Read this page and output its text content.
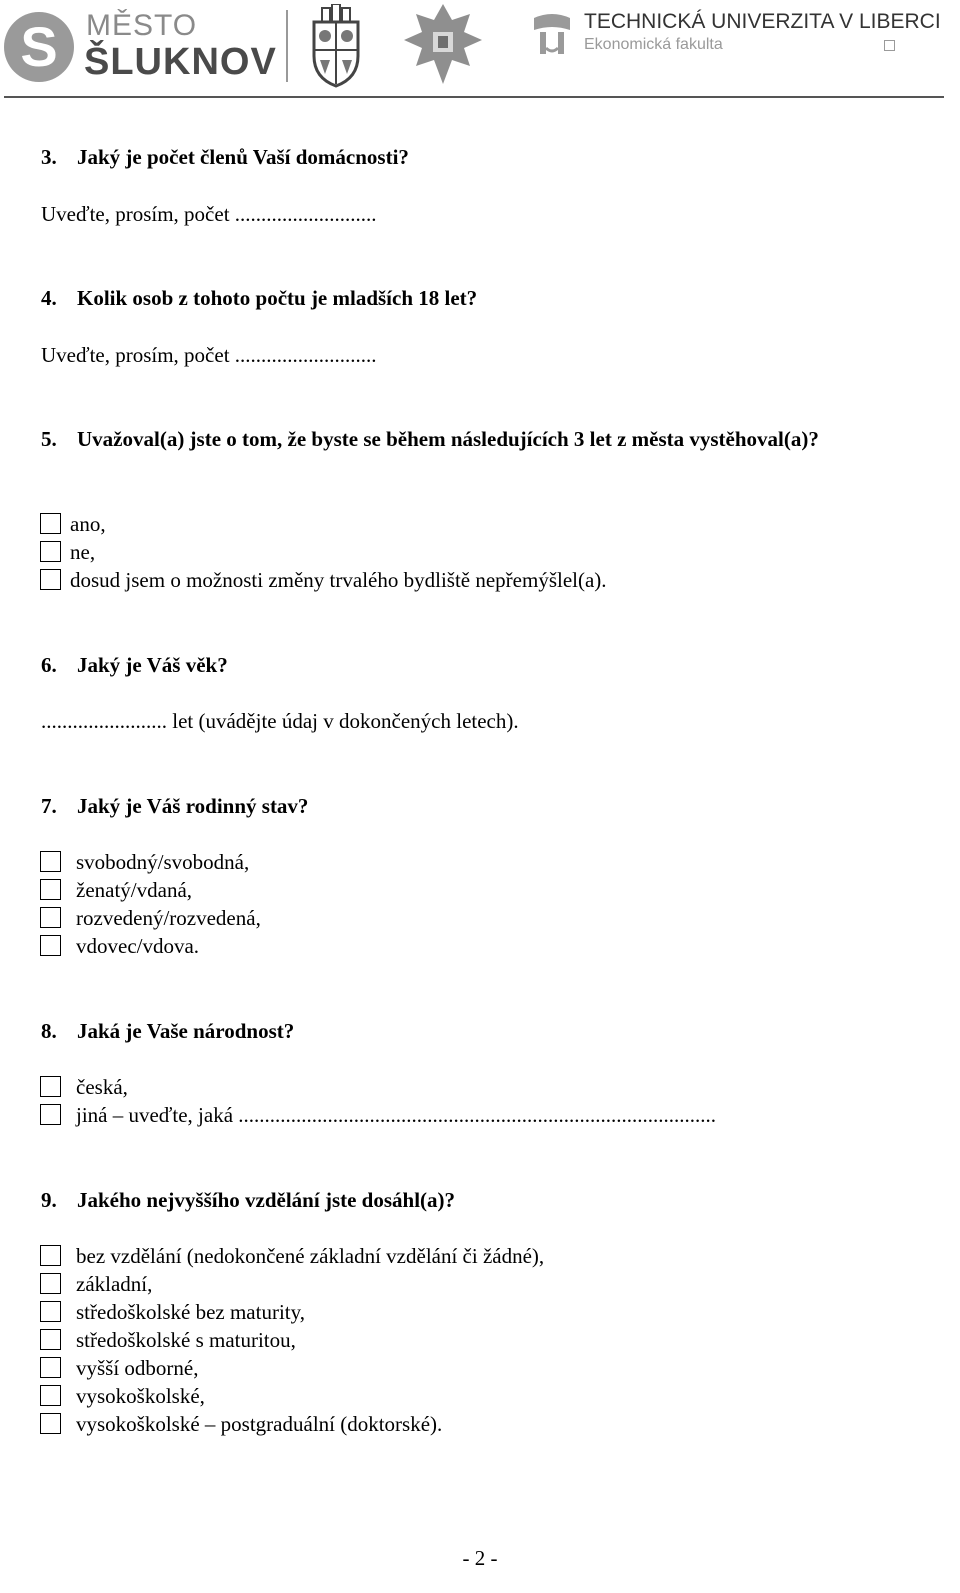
S MĚSTO
ŠLUKNOV
TECHNICKÁ UNIVERZITA V LIBERCI
Ekonomická fakulta
3. Jaký je počet členů Vaší domácnosti?
Uveďte, prosím, počet ...........................
4. Kolik osob z tohoto počtu je mladších 18 let?
Uveďte, prosím, počet ...........................
5. Uvažoval(a) jste o tom, že byste se během následujících 3 let z města vystěhoval(a)?
ano,
ne,
dosud jsem o možnosti změny trvalého bydliště nepřemýšlel(a).
6. Jaký je Váš věk?
........................ let (uvádějte údaj v dokončených letech).
7. Jaký je Váš rodinný stav?
svobodný/svobodná,
ženatý/vdaná,
rozvedený/rozvedená,
vdovec/vdova.
8. Jaká je Vaše národnost?
česká,
jiná – uveďte, jaká ...........................................................................................
9. Jakého nejvyššího vzdělání jste dosáhl(a)?
bez vzdělání (nedokončené základní vzdělání či žádné),
základní,
středoškolské bez maturity,
středoškolské s maturitou,
vyšší odborné,
vysokoškolské,
vysokoškolské – postgraduální (doktorské).
- 2 -
